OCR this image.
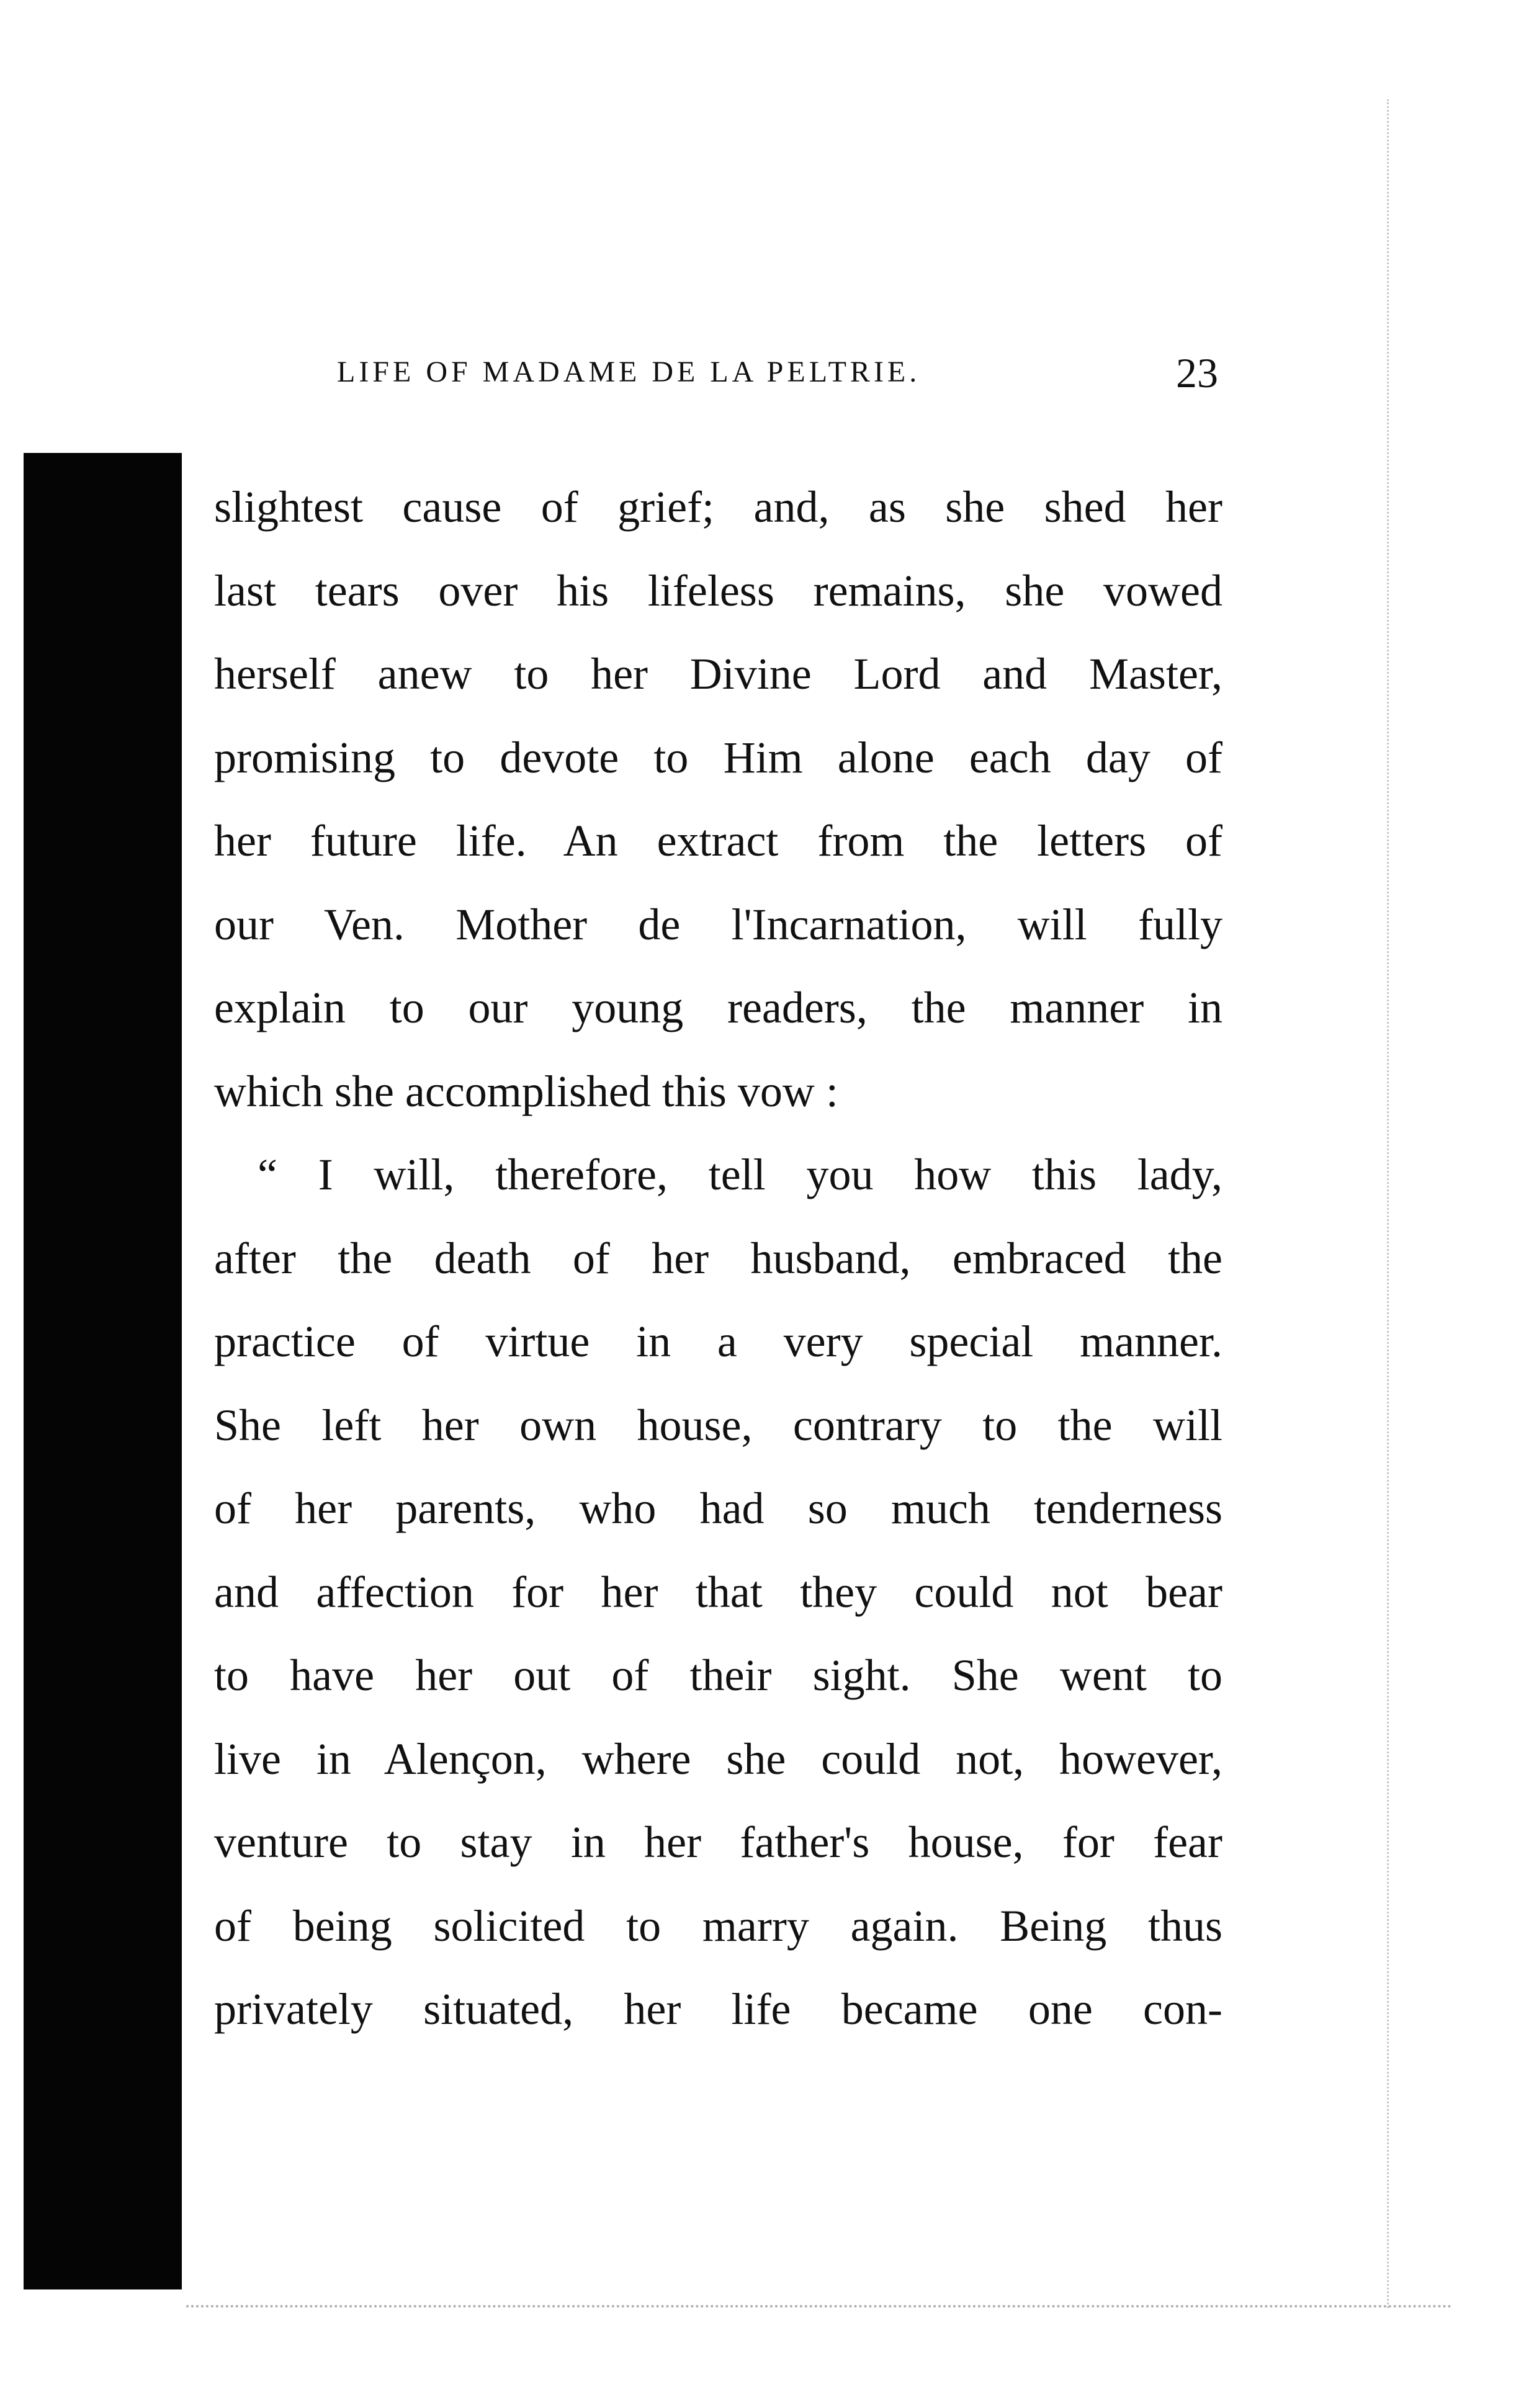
LIFE OF MADAME DE LA PELTRIE.	23
slightest cause of grief; and, as she shed her
last tears over his lifeless remains, she vowed
herself anew to her Divine Lord and Master,
promising to devote to Him alone each day of
her future life. An extract from the letters of
our Ven. Mother de l'Incarnation, will fully
explain to our young readers, the manner in
which she accomplished this vow :
“ I will, therefore, tell you how this lady,
after the death of her husband, embraced the
practice of virtue in a very special manner.
She left her own house, contrary to the will
of her parents, who had so much tenderness
and affection for her that they could not bear
to have her out of their sight. She went to
live in Alençon, where she could not, however,
venture to stay in her father's house, for fear
of being solicited to marry again. Being thus
privately situated, her life became one con-
